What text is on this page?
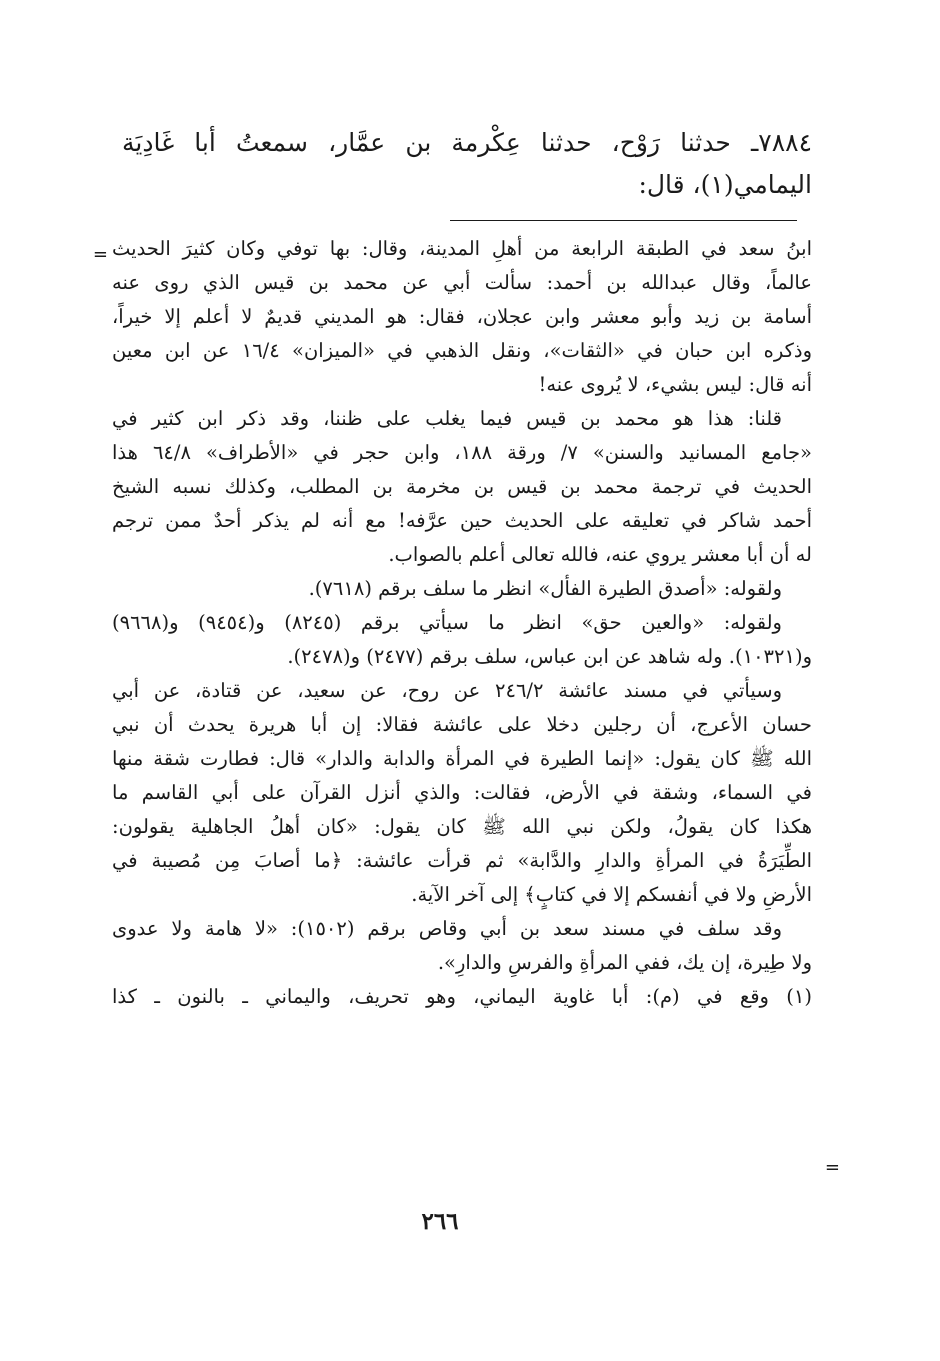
٧٨٨٤ـ حدثنا رَوْح، حدثنا عِكْرمة بن عمَّار، سمعتُ أبا غَادِيَة
اليمامي(١)، قال:
= ابنُ سعد في الطبقة الرابعة من أهلِ المدينة، وقال: بها توفي وكان كثيرَ الحديث
عالماً، وقال عبدالله بن أحمد: سألت أبي عن محمد بن قيس الذي روى عنه
أسامة بن زيد وأبو معشر وابن عجلان، فقال: هو المديني قديمٌ لا أعلم إلا خيراً،
وذكره ابن حبان في «الثقات»، ونقل الذهبي في «الميزان» ١٦/٤ عن ابن معين
أنه قال: ليس بشيء، لا يُروى عنه!
قلنا: هذا هو محمد بن قيس فيما يغلب على ظننا، وقد ذكر ابن كثير في
«جامع المسانيد والسنن» ٧/ ورقة ١٨٨، وابن حجر في «الأطراف» ٦٤/٨ هذا
الحديث في ترجمة محمد بن قيس بن مخرمة بن المطلب، وكذلك نسبه الشيخ
أحمد شاكر في تعليقه على الحديث حين عرَّفه! مع أنه لم يذكر أحدٌ ممن ترجم
له أن أبا معشر يروي عنه، فالله تعالى أعلم بالصواب.
ولقوله: «أصدق الطيرة الفأل» انظر ما سلف برقم (٧٦١٨).
ولقوله: «والعين حق» انظر ما سيأتي برقم (٨٢٤٥) و(٩٤٥٤) و(٩٦٦٨)
و(١٠٣٢١). وله شاهد عن ابن عباس، سلف برقم (٢٤٧٧) و(٢٤٧٨).
وسيأتي في مسند عائشة ٢٤٦/٢ عن روح، عن سعيد، عن قتادة، عن أبي
حسان الأعرج، أن رجلين دخلا على عائشة فقالا: إن أبا هريرة يحدث أن نبي
الله ﷺ كان يقول: «إنما الطيرة في المرأة والدابة والدار» قال: فطارت شقة منها
في السماء، وشقة في الأرض، فقالت: والذي أنزل القرآن على أبي القاسم ما
هكذا كان يقولُ، ولكن نبي الله ﷺ كان يقول: «كان أهلُ الجاهلية يقولون:
الطِّيَرَةُ في المرأةِ والدارِ والدَّابة» ثم قرأت عائشة: ﴿ما أصابَ مِن مُصيبة في
الأرضِ ولا في أنفسكم إلا في كتابٍ﴾ إلى آخر الآية.
وقد سلف في مسند سعد بن أبي وقاص برقم (١٥٠٢): «لا هامة ولا عدوى
ولا طِيرة، إن يك، ففي المرأةِ والفرسِ والدارِ».
(١) وقع في (م): أبا غاوية اليماني، وهو تحريف، واليماني ـ بالنون ـ كذا
=
٢٦٦
